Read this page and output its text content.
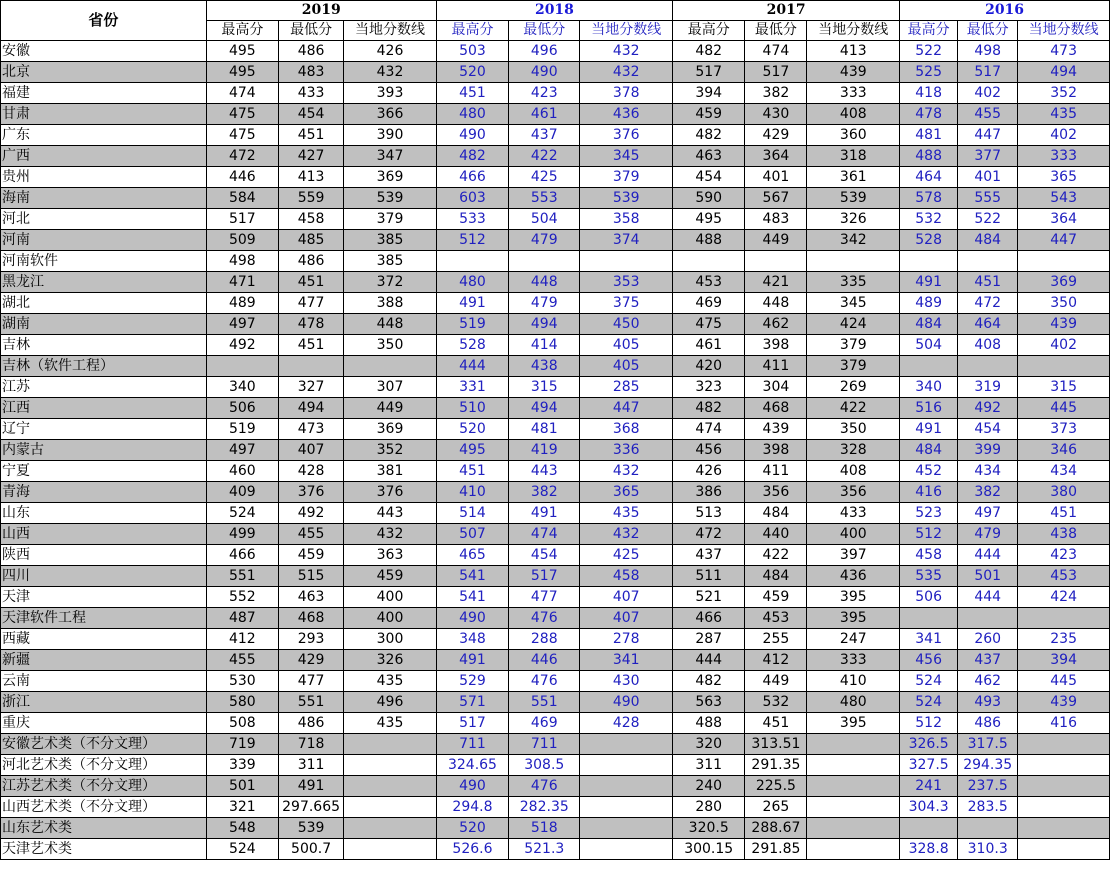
省份	2019			2018			2017			2016		
	最高分	最低分	当地分数线	最高分	最低分	当地分数线	最高分	最低分	当地分数线	最高分	最低分	当地分数线
安徽	495	486	426	503	496	432	482	474	413	522	498	473
北京	495	483	432	520	490	432	517	517	439	525	517	494
福建	474	433	393	451	423	378	394	382	333	418	402	352
甘肃	475	454	366	480	461	436	459	430	408	478	455	435
广东	475	451	390	490	437	376	482	429	360	481	447	402
广西	472	427	347	482	422	345	463	364	318	488	377	333
贵州	446	413	369	466	425	379	454	401	361	464	401	365
海南	584	559	539	603	553	539	590	567	539	578	555	543
河北	517	458	379	533	504	358	495	483	326	532	522	364
河南	509	485	385	512	479	374	488	449	342	528	484	447
河南软件	498	486	385									
黑龙江	471	451	372	480	448	353	453	421	335	491	451	369
湖北	489	477	388	491	479	375	469	448	345	489	472	350
湖南	497	478	448	519	494	450	475	462	424	484	464	439
吉林	492	451	350	528	414	405	461	398	379	504	408	402
吉林（软件工程）				444	438	405	420	411	379			
江苏	340	327	307	331	315	285	323	304	269	340	319	315
江西	506	494	449	510	494	447	482	468	422	516	492	445
辽宁	519	473	369	520	481	368	474	439	350	491	454	373
内蒙古	497	407	352	495	419	336	456	398	328	484	399	346
宁夏	460	428	381	451	443	432	426	411	408	452	434	434
青海	409	376	376	410	382	365	386	356	356	416	382	380
山东	524	492	443	514	491	435	513	484	433	523	497	451
山西	499	455	432	507	474	432	472	440	400	512	479	438
陕西	466	459	363	465	454	425	437	422	397	458	444	423
四川	551	515	459	541	517	458	511	484	436	535	501	453
天津	552	463	400	541	477	407	521	459	395	506	444	424
天津软件工程	487	468	400	490	476	407	466	453	395			
西藏	412	293	300	348	288	278	287	255	247	341	260	235
新疆	455	429	326	491	446	341	444	412	333	456	437	394
云南	530	477	435	529	476	430	482	449	410	524	462	445
浙江	580	551	496	571	551	490	563	532	480	524	493	439
重庆	508	486	435	517	469	428	488	451	395	512	486	416
安徽艺术类（不分文理）	719	718		711	711		320	313.51		326.5	317.5	
河北艺术类（不分文理）	339	311		324.65	308.5		311	291.35		327.5	294.35	
江苏艺术类（不分文理）	501	491		490	476		240	225.5		241	237.5	
山西艺术类（不分文理）	321	297.665		294.8	282.35		280	265		304.3	283.5	
山东艺术类	548	539		520	518		320.5	288.67				
天津艺术类	524	500.7		526.6	521.3		300.15	291.85		328.8	310.3	
